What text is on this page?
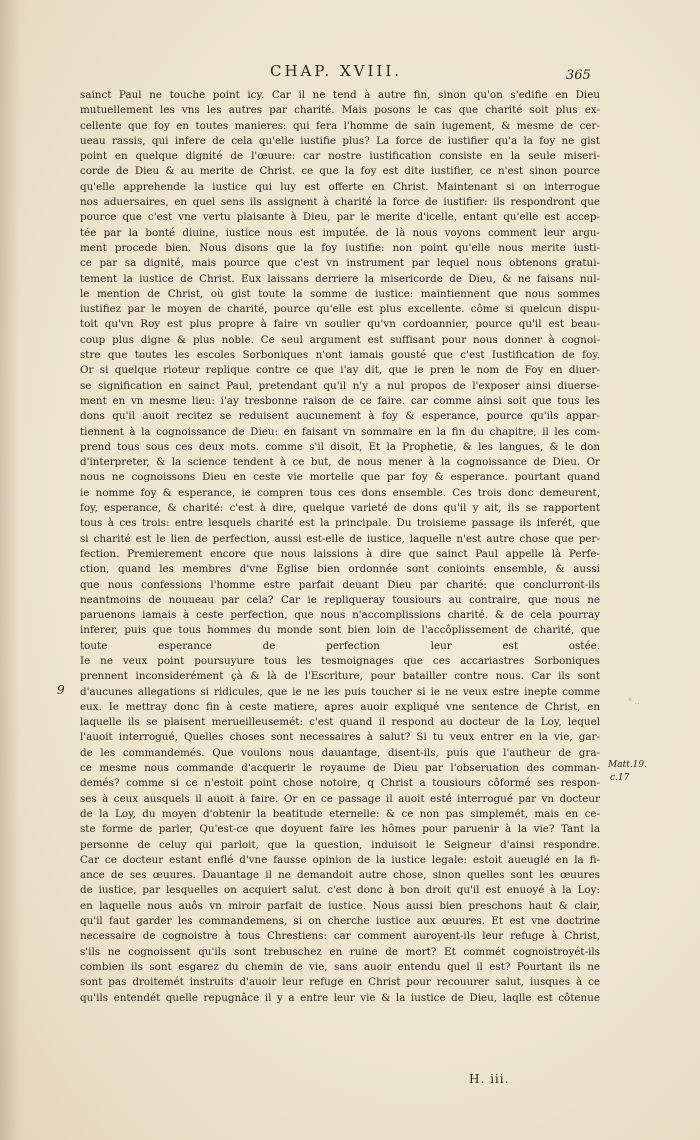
CHAP. XVIII.	365
sainct Paul ne touche point icy. Car il ne tend à autre fin, sinon qu'on s'edifie en Dieu
mutuellement les vns les autres par charité. Mais posons le cas que charité soit plus ex-
cellente que foy en toutes manieres: qui fera l'homme de sain iugement, & mesme de cer-
ueau rassis, qui infere de cela qu'elle iustifie plus? La force de iustifier qu'a la foy ne gist
point en quelque dignité de l'œuure: car nostre iustification consiste en la seule miseri-
corde de Dieu & au merite de Christ. ce que la foy est dite iustifier, ce n'est sinon pource
qu'elle apprehende la iustice qui luy est offerte en Christ. Maintenant si on interrogue
nos aduersaires, en quel sens ils assignent à charité la force de iustifier: ils respondront que
pource que c'est vne vertu plaisante à Dieu, par le merite d'icelle, entant qu'elle est accep-
tée par la bonté diuine, iustice nous est imputée. de là nous voyons comment leur argu-
ment procede bien. Nous disons que la foy iustifie: non point qu'elle nous merite iusti-
ce par sa dignité, mais pource que c'est vn instrument par lequel nous obtenons gratui-
tement la iustice de Christ. Eux laissans derriere la misericorde de Dieu, & ne faisans nul-
le mention de Christ, où gist toute la somme de iustice: maintiennent que nous sommes
iustifiez par le moyen de charité, pource qu'elle est plus excellente. côme si quelcun dispu-
toit qu'vn Roy est plus propre à faire vn soulier qu'vn cordoannier, pource qu'il est beau-
coup plus digne & plus noble. Ce seul argument est suffisant pour nous donner à cognoi-
stre que toutes les escoles Sorboniques n'ont iamais gousté que c'est Iustification de foy.
Or si quelque rioteur replique contre ce que i'ay dit, que ie pren le nom de Foy en diuer-
se signification en sainct Paul, pretendant qu'il n'y a nul propos de l'exposer ainsi diuerse-
ment en vn mesme lieu: i'ay tresbonne raison de ce faire. car comme ainsi soit que tous les
dons qu'il auoit recitez se reduisent aucunement à foy & esperance, pource qu'ils appar-
tiennent à la cognoissance de Dieu: en faisant vn sommaire en la fin du chapitre, il les com-
prend tous sous ces deux mots. comme s'il disoit, Et la Prophetie, & les langues, & le don
d'interpreter, & la science tendent à ce but, de nous mener à la cognoissance de Dieu. Or
nous ne cognoissons Dieu en ceste vie mortelle que par foy & esperance. pourtant quand
ie nomme foy & esperance, ie compren tous ces dons ensemble. Ces trois donc demeurent,
foy, esperance, & charité: c'est à dire, quelque varieté de dons qu'il y ait, ils se rapportent
tous à ces trois: entre lesquels charité est la principale. Du troisieme passage ils inferét, que
si charité est le lien de perfection, aussi est-elle de iustice, laquelle n'est autre chose que per-
fection. Premierement encore que nous laissions à dire que sainct Paul appelle là Perfe-
ction, quand les membres d'vne Eglise bien ordonnée sont conioints ensemble, & aussi
que nous confessions l'homme estre parfait deuant Dieu par charité: que conclurront-ils
neantmoins de nouueau par cela? Car ie repliqueray tousiours au contraire, que nous ne
paruenons iamais à ceste perfection, que nous n'accomplissions charité. & de cela pourray
inferer, puis que tous hommes du monde sont bien loin de l'accôplissement de charité, que
toute esperance de perfection leur est ostée.
Ie ne veux point poursuyure tous les tesmoignages que ces accariastres Sorboniques
prennent inconsiderément çà & là de l'Escriture, pour batailler contre nous. Car ils sont
d'aucunes allegations si ridicules, que ie ne les puis toucher si ie ne veux estre inepte comme
eux. Ie mettray donc fin à ceste matiere, apres auoir expliqué vne sentence de Christ, en
laquelle ils se plaisent merueilleusemét: c'est quand il respond au docteur de la Loy, lequel
l'auoit interrogué, Quelles choses sont necessaires à salut? Si tu veux entrer en la vie, gar-
de les commandemés. Que voulons nous dauantage, disent-ils, puis que l'autheur de gra-
ce mesme nous commande d'acquerir le royaume de Dieu par l'obseruation des comman-
demés? comme si ce n'estoit point chose notoire, q Christ a tousiours côformé ses respon-
ses à ceux ausquels il auoit à faire. Or en ce passage il auoit esté interrogué par vn docteur
de la Loy, du moyen d'obtenir la beatitude eternelle: & ce non pas simplemét, mais en ce-
ste forme de parler, Qu'est-ce que doyuent faire les hômes pour paruenir à la vie? Tant la
personne de celuy qui parloit, que la question, induisoit le Seigneur d'ainsi respondre.
Car ce docteur estant enflé d'vne fausse opinion de la iustice legale: estoit aueuglé en la fi-
ance de ses œuures. Dauantage il ne demandoit autre chose, sinon quelles sont les œuures
de iustice, par lesquelles on acquiert salut. c'est donc à bon droit qu'il est enuoyé à la Loy:
en laquelle nous auôs vn miroir parfait de iustice. Nous aussi bien preschons haut & clair,
qu'il faut garder les commandemens, si on cherche iustice aux œuures. Et est vne doctrine
necessaire de cognoistre à tous Chrestiens: car comment auroyent-ils leur refuge à Christ,
s'ils ne cognoissent qu'ils sont trebuschez en ruine de mort? Et commét cognoistroyét-ils
combien ils sont esgarez du chemin de vie, sans auoir entendu quel il est? Pourtant ils ne
sont pas droitemét instruits d'auoir leur refuge en Christ pour recouurer salut, iusques à ce
qu'ils entendét quelle repugnâce il y a entre leur vie & la iustice de Dieu, laqlle est côtenue
9
* ..
Matt.19.
c.17
H. iii.
